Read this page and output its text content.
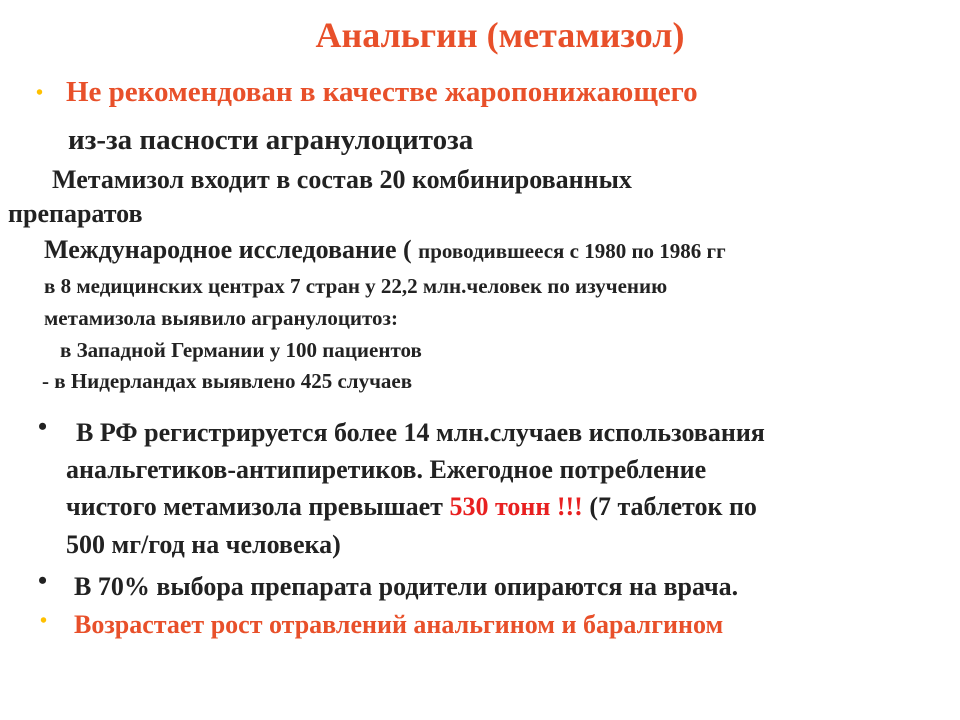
Анальгин (метамизол)
• Не рекомендован в качестве жаропонижающего
из-за пасности агранулоцитоза
Метамизол входит в состав 20 комбинированных
препаратов
Международное исследование ( проводившееся с 1980 по 1986 гг
в 8 медицинских центрах 7 стран у 22,2 млн.человек по изучению
метамизола выявило агранулоцитоз:
в Западной Германии у 100 пациентов
- в Нидерландах выявлено 425 случаев
• В РФ регистрируется более 14 млн.случаев использования
анальгетиков-антипиретиков. Ежегодное потребление
чистого метамизола превышает 530 тонн !!! (7 таблеток по
500 мг/год на человека)
• В 70% выбора препарата родители опираются на врача.
• Возрастает рост отравлений анальгином и баралгином
